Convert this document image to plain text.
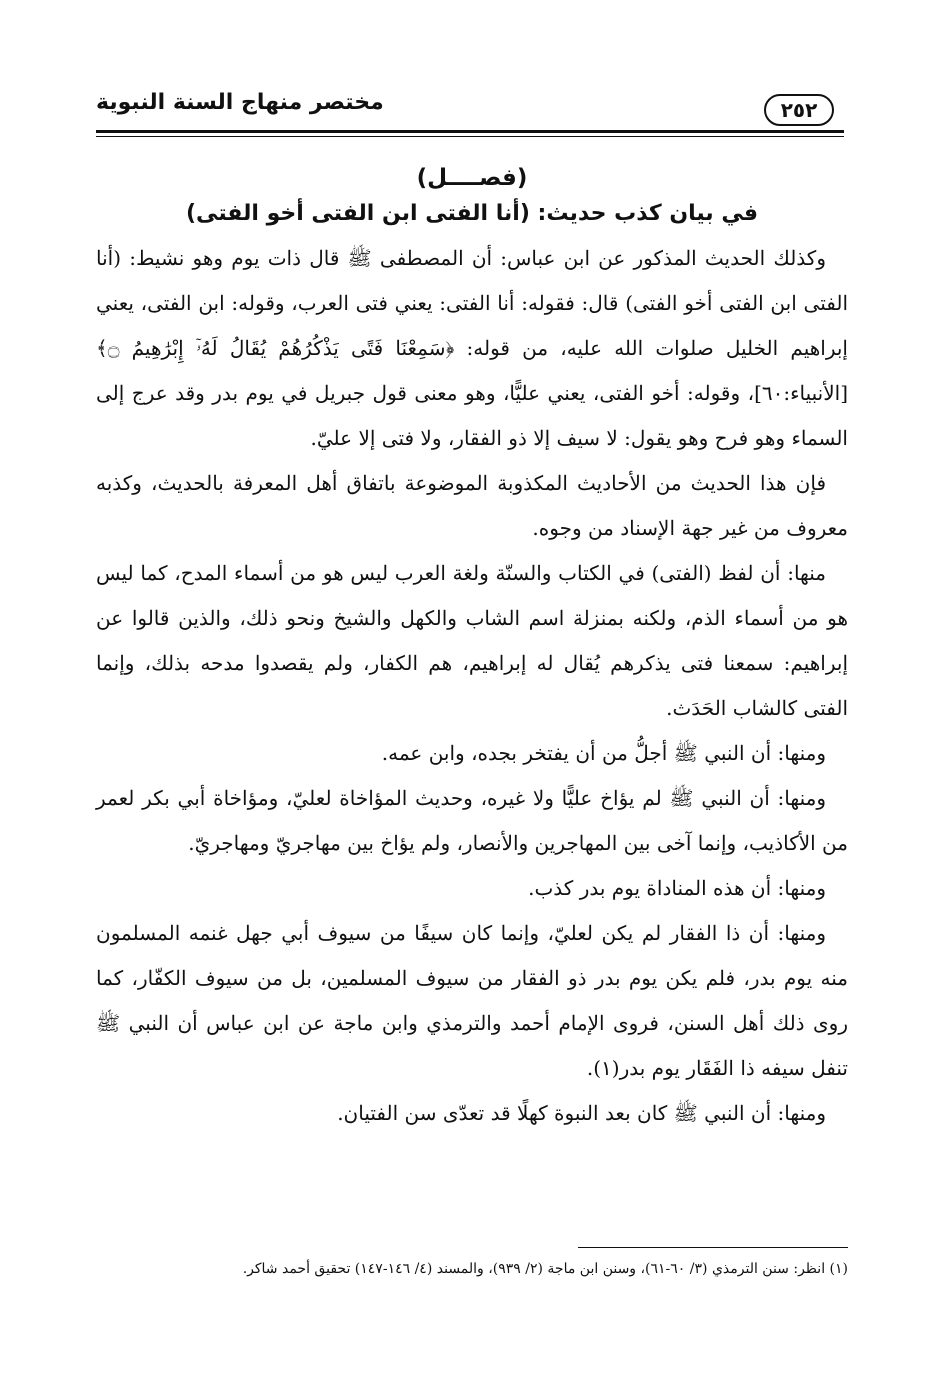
٢٥٢
مختصر منهاج السنة النبوية

(فصــــل)

في بيان كذب حديث: (أنا الفتى ابن الفتى أخو الفتى)

وكذلك الحديث المذكور عن ابن عباس: أن المصطفى ﷺ قال ذات يوم وهو نشيط: (أنا الفتى ابن الفتى أخو الفتى) قال: فقوله: أنا الفتى: يعني فتى العرب، وقوله: ابن الفتى، يعني إبراهيم الخليل صلوات الله عليه، من قوله: ﴿سَمِعْنَا فَتًى يَذْكُرُهُمْ يُقَالُ لَهُۥٓ إِبْرَٰهِيمُ ۝﴾ [الأنبياء:٦٠]، وقوله: أخو الفتى، يعني عليًّا، وهو معنى قول جبريل في يوم بدر وقد عرج إلى السماء وهو فرح وهو يقول: لا سيف إلا ذو الفقار، ولا فتى إلا عليّ.

فإن هذا الحديث من الأحاديث المكذوبة الموضوعة باتفاق أهل المعرفة بالحديث، وكذبه معروف من غير جهة الإسناد من وجوه.

منها: أن لفظ (الفتى) في الكتاب والسنّة ولغة العرب ليس هو من أسماء المدح، كما ليس هو من أسماء الذم، ولكنه بمنزلة اسم الشاب والكهل والشيخ ونحو ذلك، والذين قالوا عن إبراهيم: سمعنا فتى يذكرهم يُقال له إبراهيم، هم الكفار، ولم يقصدوا مدحه بذلك، وإنما الفتى كالشاب الحَدَث.

ومنها: أن النبي ﷺ أجلُّ من أن يفتخر بجده، وابن عمه.

ومنها: أن النبي ﷺ لم يؤاخ عليًّا ولا غيره، وحديث المؤاخاة لعليّ، ومؤاخاة أبي بكر لعمر من الأكاذيب، وإنما آخى بين المهاجرين والأنصار، ولم يؤاخ بين مهاجريّ ومهاجريّ.

ومنها: أن هذه المناداة يوم بدر كذب.

ومنها: أن ذا الفقار لم يكن لعليّ، وإنما كان سيفًا من سيوف أبي جهل غنمه المسلمون منه يوم بدر، فلم يكن يوم بدر ذو الفقار من سيوف المسلمين، بل من سيوف الكفّار، كما روى ذلك أهل السنن، فروى الإمام أحمد والترمذي وابن ماجة عن ابن عباس أن النبي ﷺ تنفل سيفه ذا الفَقَار يوم بدر(١).

ومنها: أن النبي ﷺ كان بعد النبوة كهلًا قد تعدّى سن الفتيان.

(١) انظر: سنن الترمذي (٣/ ٦٠-٦١)، وسنن ابن ماجة (٢/ ٩٣٩)، والمسند (٤/ ١٤٦-١٤٧) تحقيق أحمد شاكر.
